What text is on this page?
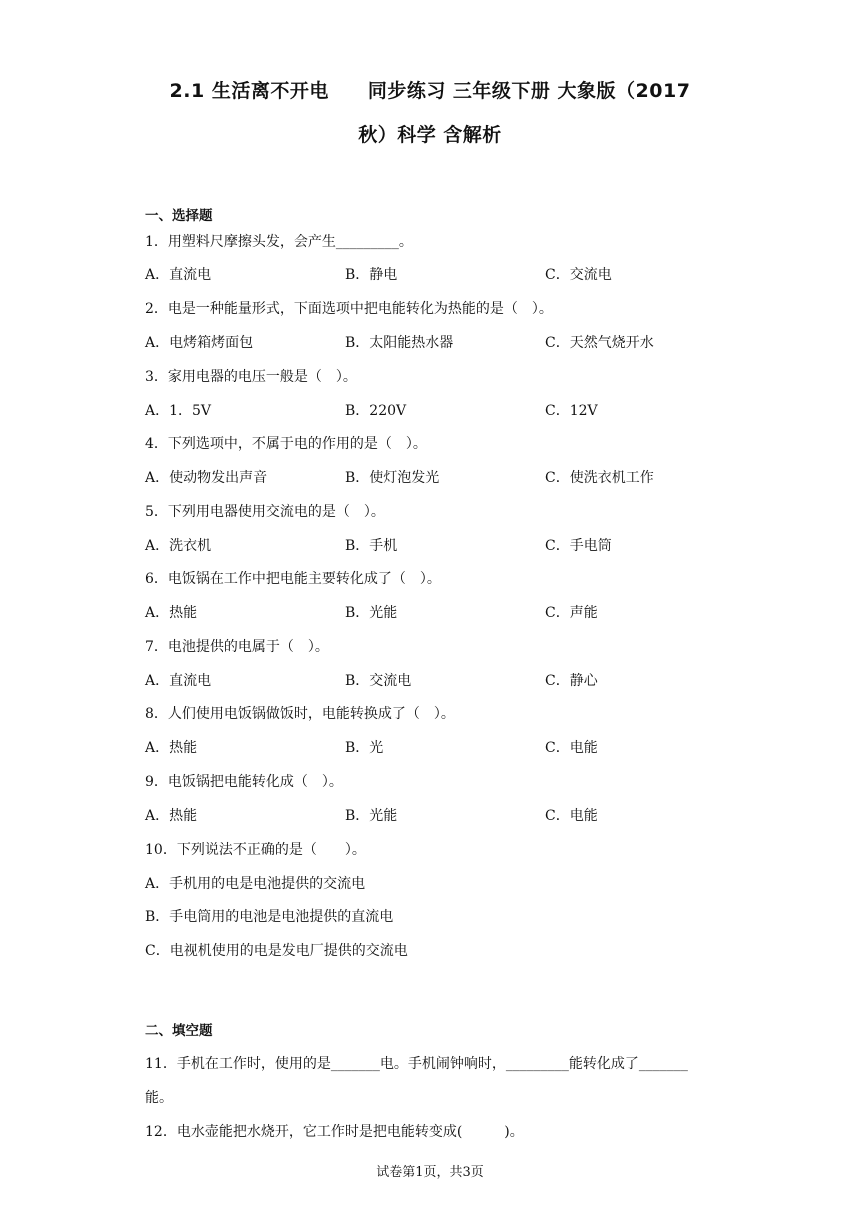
2.1 生活离不开电　　同步练习 三年级下册 大象版（2017
秋）科学 含解析
一、选择题
1．用塑料尺摩擦头发，会产生_________。
A．直流电	B．静电	C．交流电
2．电是一种能量形式，下面选项中把电能转化为热能的是（　）。
A．电烤箱烤面包	B．太阳能热水器	C．天然气烧开水
3．家用电器的电压一般是（　）。
A．1．5V	B．220V	C．12V
4．下列选项中，不属于电的作用的是（　）。
A．使动物发出声音	B．使灯泡发光	C．使洗衣机工作
5．下列用电器使用交流电的是（　）。
A．洗衣机	B．手机	C．手电筒
6．电饭锅在工作中把电能主要转化成了（　）。
A．热能	B．光能	C．声能
7．电池提供的电属于（　）。
A．直流电	B．交流电	C．静心
8．人们使用电饭锅做饭时，电能转换成了（　）。
A．热能	B．光	C．电能
9．电饭锅把电能转化成（　）。
A．热能	B．光能	C．电能
10．下列说法不正确的是（　　）。
A．手机用的电是电池提供的交流电
B．手电筒用的电池是电池提供的直流电
C．电视机使用的电是发电厂提供的交流电
二、填空题
11．手机在工作时，使用的是_______电。手机闹钟响时，_________能转化成了_______
能。
12．电水壶能把水烧开，它工作时是把电能转变成(　　　)。
试卷第1页，共3页
